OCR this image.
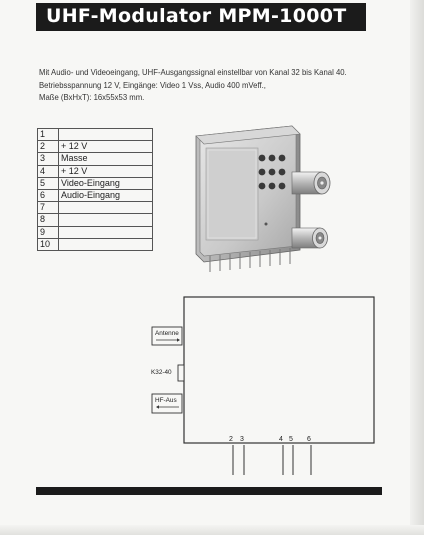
UHF-Modulator MPM-1000T
Mit Audio- und Videoeingang, UHF-Ausgangssignal einstellbar von Kanal 32 bis Kanal 40.
Betriebsspannung 12 V, Eingänge: Video 1 Vss, Audio 400 mVeff.,
Maße (BxHxT): 16x55x53 mm.
1	
2	+ 12 V
3	Masse
4	+ 12 V
5	Video-Eingang
6	Audio-Eingang
7	
8	
9	
10	
Antenne
K32-40
HF-Aus
2 3	4 5 6
